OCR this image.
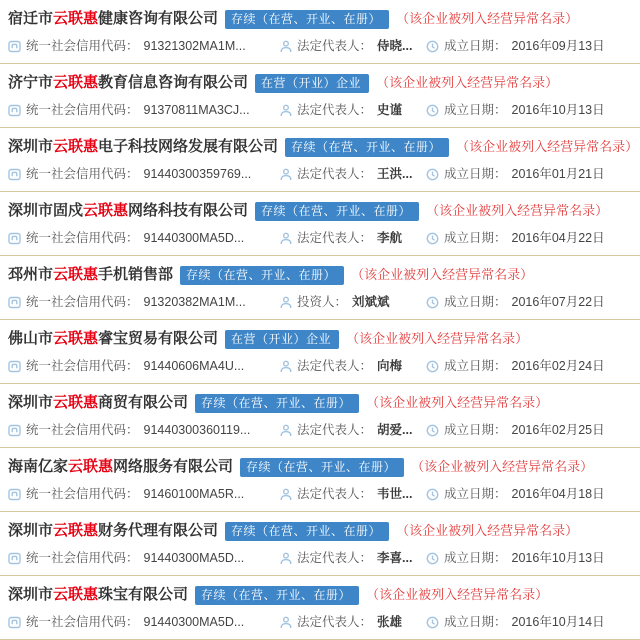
宿迁市云联惠健康咨询有限公司	存续（在营、开业、在册）	（该企业被列入经营异常名录）
统一社会信用代码： 91321302MA1M...	法定代表人： 侍晓...	成立日期： 2016年09月13日
济宁市云联惠教育信息咨询有限公司	在营（开业）企业	（该企业被列入经营异常名录）
统一社会信用代码： 91370811MA3CJ...	法定代表人： 史谨	成立日期： 2016年10月13日
深圳市云联惠电子科技网络发展有限公司	存续（在营、开业、在册）	（该企业被列入经营异常名录）
统一社会信用代码： 91440300359769...	法定代表人： 王洪...	成立日期： 2016年01月21日
深圳市固戍云联惠网络科技有限公司	存续（在营、开业、在册）	（该企业被列入经营异常名录）
统一社会信用代码： 91440300MA5D...	法定代表人： 李航	成立日期： 2016年04月22日
邳州市云联惠手机销售部	存续（在营、开业、在册）	（该企业被列入经营异常名录）
统一社会信用代码： 91320382MA1M...	投资人： 刘斌斌	成立日期： 2016年07月22日
佛山市云联惠睿宝贸易有限公司	在营（开业）企业	（该企业被列入经营异常名录）
统一社会信用代码： 91440606MA4U...	法定代表人： 向梅	成立日期： 2016年02月24日
深圳市云联惠商贸有限公司	存续（在营、开业、在册）	（该企业被列入经营异常名录）
统一社会信用代码： 91440300360119...	法定代表人： 胡爱...	成立日期： 2016年02月25日
海南亿家云联惠网络服务有限公司	存续（在营、开业、在册）	（该企业被列入经营异常名录）
统一社会信用代码： 91460100MA5R...	法定代表人： 韦世...	成立日期： 2016年04月18日
深圳市云联惠财务代理有限公司	存续（在营、开业、在册）	（该企业被列入经营异常名录）
统一社会信用代码： 91440300MA5D...	法定代表人： 李喜...	成立日期： 2016年10月13日
深圳市云联惠珠宝有限公司	存续（在营、开业、在册）	（该企业被列入经营异常名录）
统一社会信用代码： 91440300MA5D...	法定代表人： 张雄	成立日期： 2016年10月14日
